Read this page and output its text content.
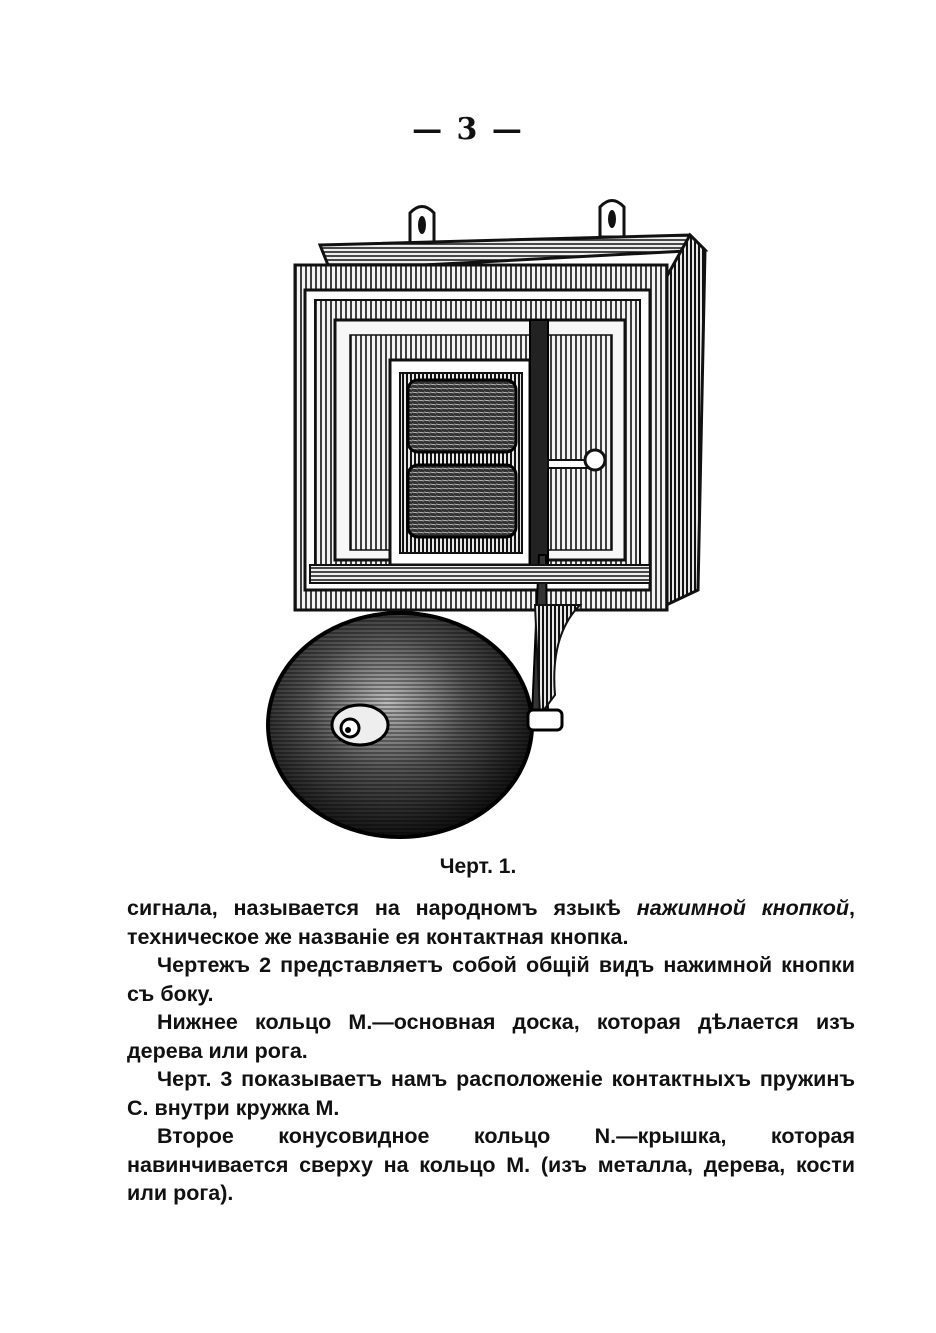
— 3 —
Черт. 1.

сигнала, называется на народномъ языкѣ нажимной кнопкой, техническое же названіе ея контактная кнопка.

Чертежъ 2 представляетъ собой общій видъ нажимной кнопки съ боку.

Нижнее кольцо М.—основная доска, которая дѣлается изъ дерева или рога.

Черт. 3 показываетъ намъ расположеніе контактныхъ пружинъ С. внутри кружка М.

Второе конусовидное кольцо N.—крышка, которая навинчивается сверху на кольцо М. (изъ металла, дерева, кости или рога).
